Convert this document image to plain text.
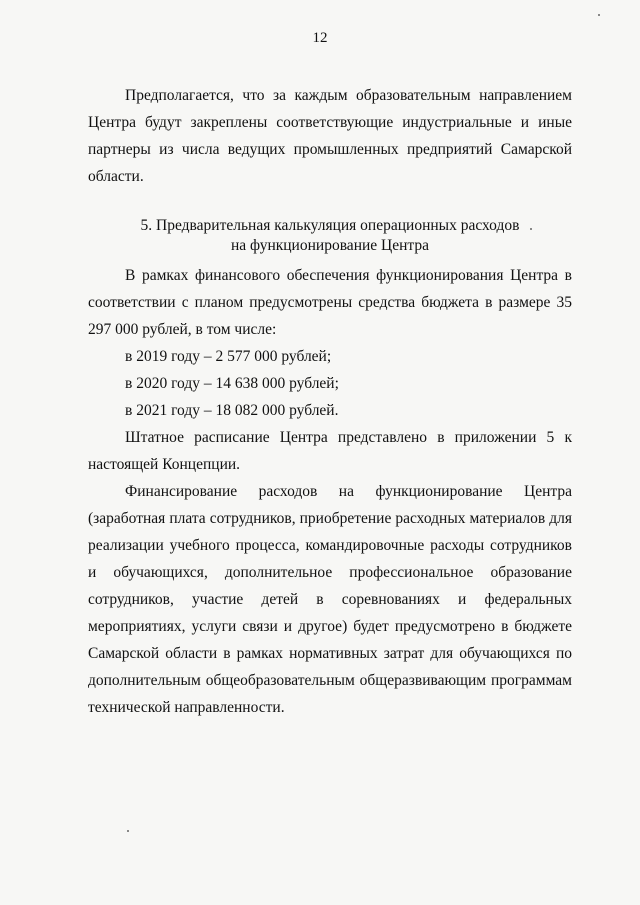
12

Предполагается, что за каждым образовательным направлением Центра будут закреплены соответствующие индустриальные и иные партнеры из числа ведущих промышленных предприятий Самарской области.

5. Предварительная калькуляция операционных расходов
на функционирование Центра

В рамках финансового обеспечения функционирования Центра в соответствии с планом предусмотрены средства бюджета в размере 35 297 000 рублей, в том числе:

в 2019 году – 2 577 000 рублей;

в 2020 году – 14 638 000 рублей;

в 2021 году – 18 082 000 рублей.

Штатное расписание Центра представлено в приложении 5 к настоящей Концепции.

Финансирование расходов на функционирование Центра (заработная плата сотрудников, приобретение расходных материалов для реализации учебного процесса, командировочные расходы сотрудников и обучающихся, дополнительное профессиональное образование сотрудников, участие детей в соревнованиях и федеральных мероприятиях, услуги связи и другое) будет предусмотрено в бюджете Самарской области в рамках нормативных затрат для обучающихся по дополнительным общеобразовательным общеразвивающим программам технической направленности.
